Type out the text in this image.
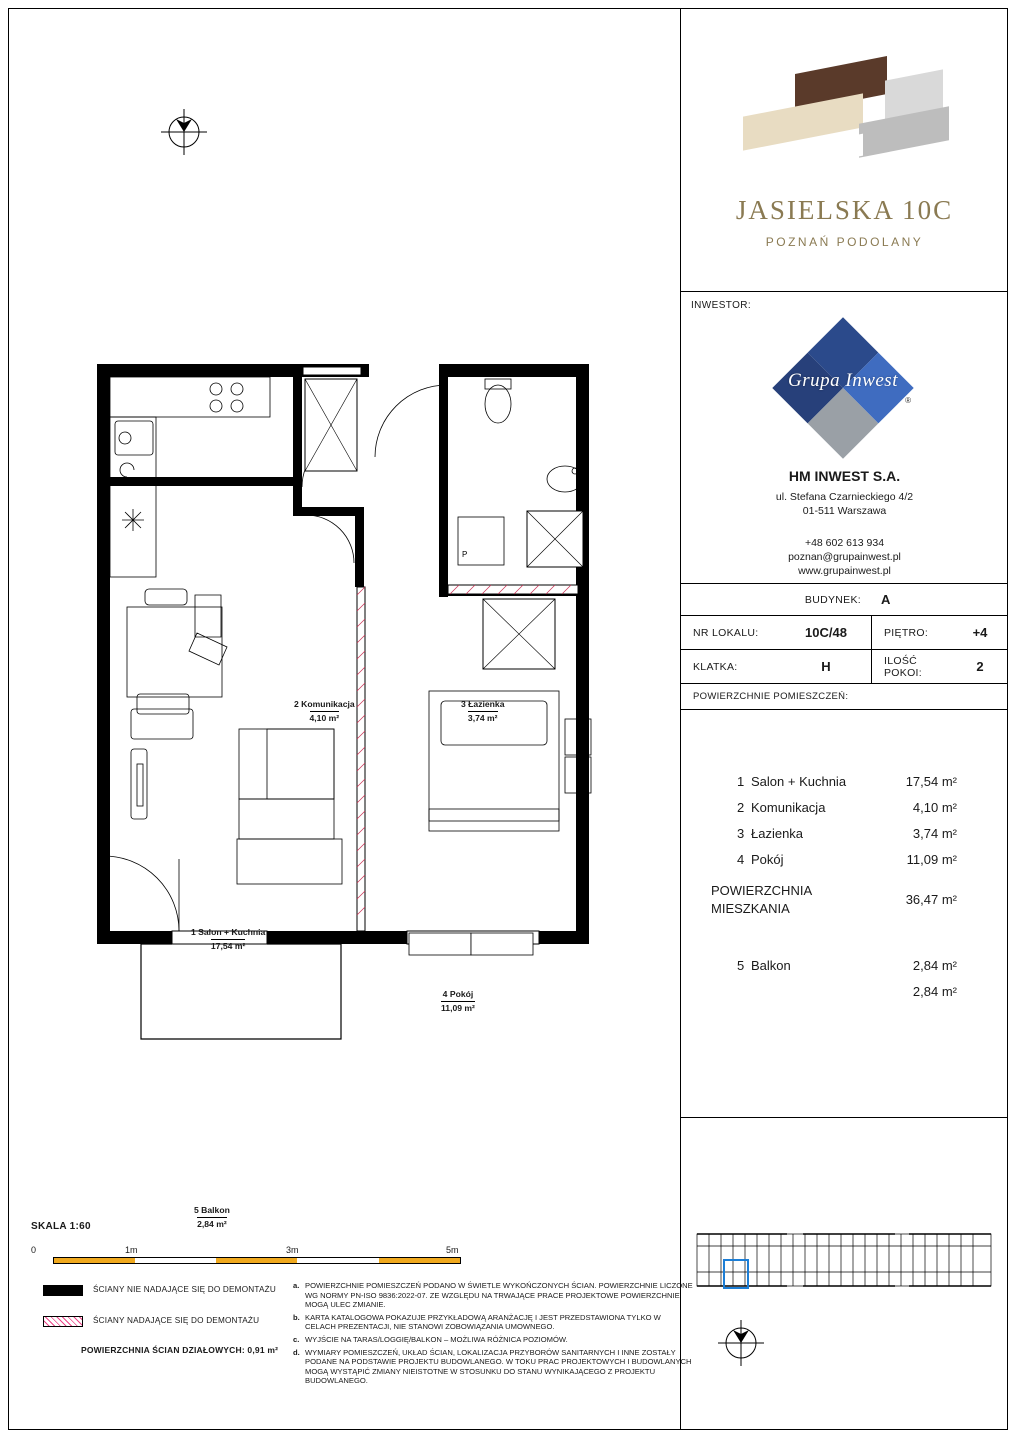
P
1 Salon + Kuchnia
17,54 m²
2 Komunikacja
4,10 m²
3 Łazienka
3,74 m²
4 Pokój
11,09 m²
5 Balkon
2,84 m²
SKALA 1:60
0	1m	3m	5m
ŚCIANY NIE NADAJĄCE SIĘ DO DEMONTAŻU
ŚCIANY NADAJĄCE SIĘ DO DEMONTAŻU
POWIERZCHNIA ŚCIAN DZIAŁOWYCH: 0,91 m²
a. POWIERZCHNIE POMIESZCZEŃ PODANO W ŚWIETLE WYKOŃCZONYCH ŚCIAN. POWIERZCHNIE LICZONE WG NORMY PN-ISO 9836:2022-07. ZE WZGLĘDU NA TRWAJĄCE PRACE PROJEKTOWE POWIERZCHNIE MOGĄ ULEC ZMIANIE.
b. KARTA KATALOGOWA POKAZUJE PRZYKŁADOWĄ ARANŻACJĘ I JEST PRZEDSTAWIONA TYLKO W CELACH PREZENTACJI, NIE STANOWI ZOBOWIĄZANIA UMOWNEGO.
c. WYJŚCIE NA TARAS/LOGGIĘ/BALKON – MOŻLIWA RÓŻNICA POZIOMÓW.
d. WYMIARY POMIESZCZEŃ, UKŁAD ŚCIAN, LOKALIZACJA PRZYBORÓW SANITARNYCH I INNE ZOSTAŁY PODANE NA PODSTAWIE PROJEKTU BUDOWLANEGO. W TOKU PRAC PROJEKTOWYCH I BUDOWLANYCH MOGĄ WYSTĄPIĆ ZMIANY NIEISTOTNE W STOSUNKU DO STANU WYNIKAJĄCEGO Z PROJEKTU BUDOWLANEGO.
JASIELSKA 10C
POZNAŃ PODOLANY
INWESTOR:
Grupa Inwest
®
HM INWEST S.A.
ul. Stefana Czarnieckiego 4/2
01-511 Warszawa
+48 602 613 934
poznan@grupainwest.pl
www.grupainwest.pl
BUDYNEK:	A
NR LOKALU:	10C/48	PIĘTRO:	+4
KLATKA:	H	ILOŚĆ POKOI:	2
POWIERZCHNIE POMIESZCZEŃ:
1 Salon + Kuchnia	17,54 m²
2 Komunikacja	4,10 m²
3 Łazienka	3,74 m²
4 Pokój	11,09 m²
POWIERZCHNIA
MIESZKANIA
36,47 m²
5 Balkon	2,84 m²
2,84 m²
